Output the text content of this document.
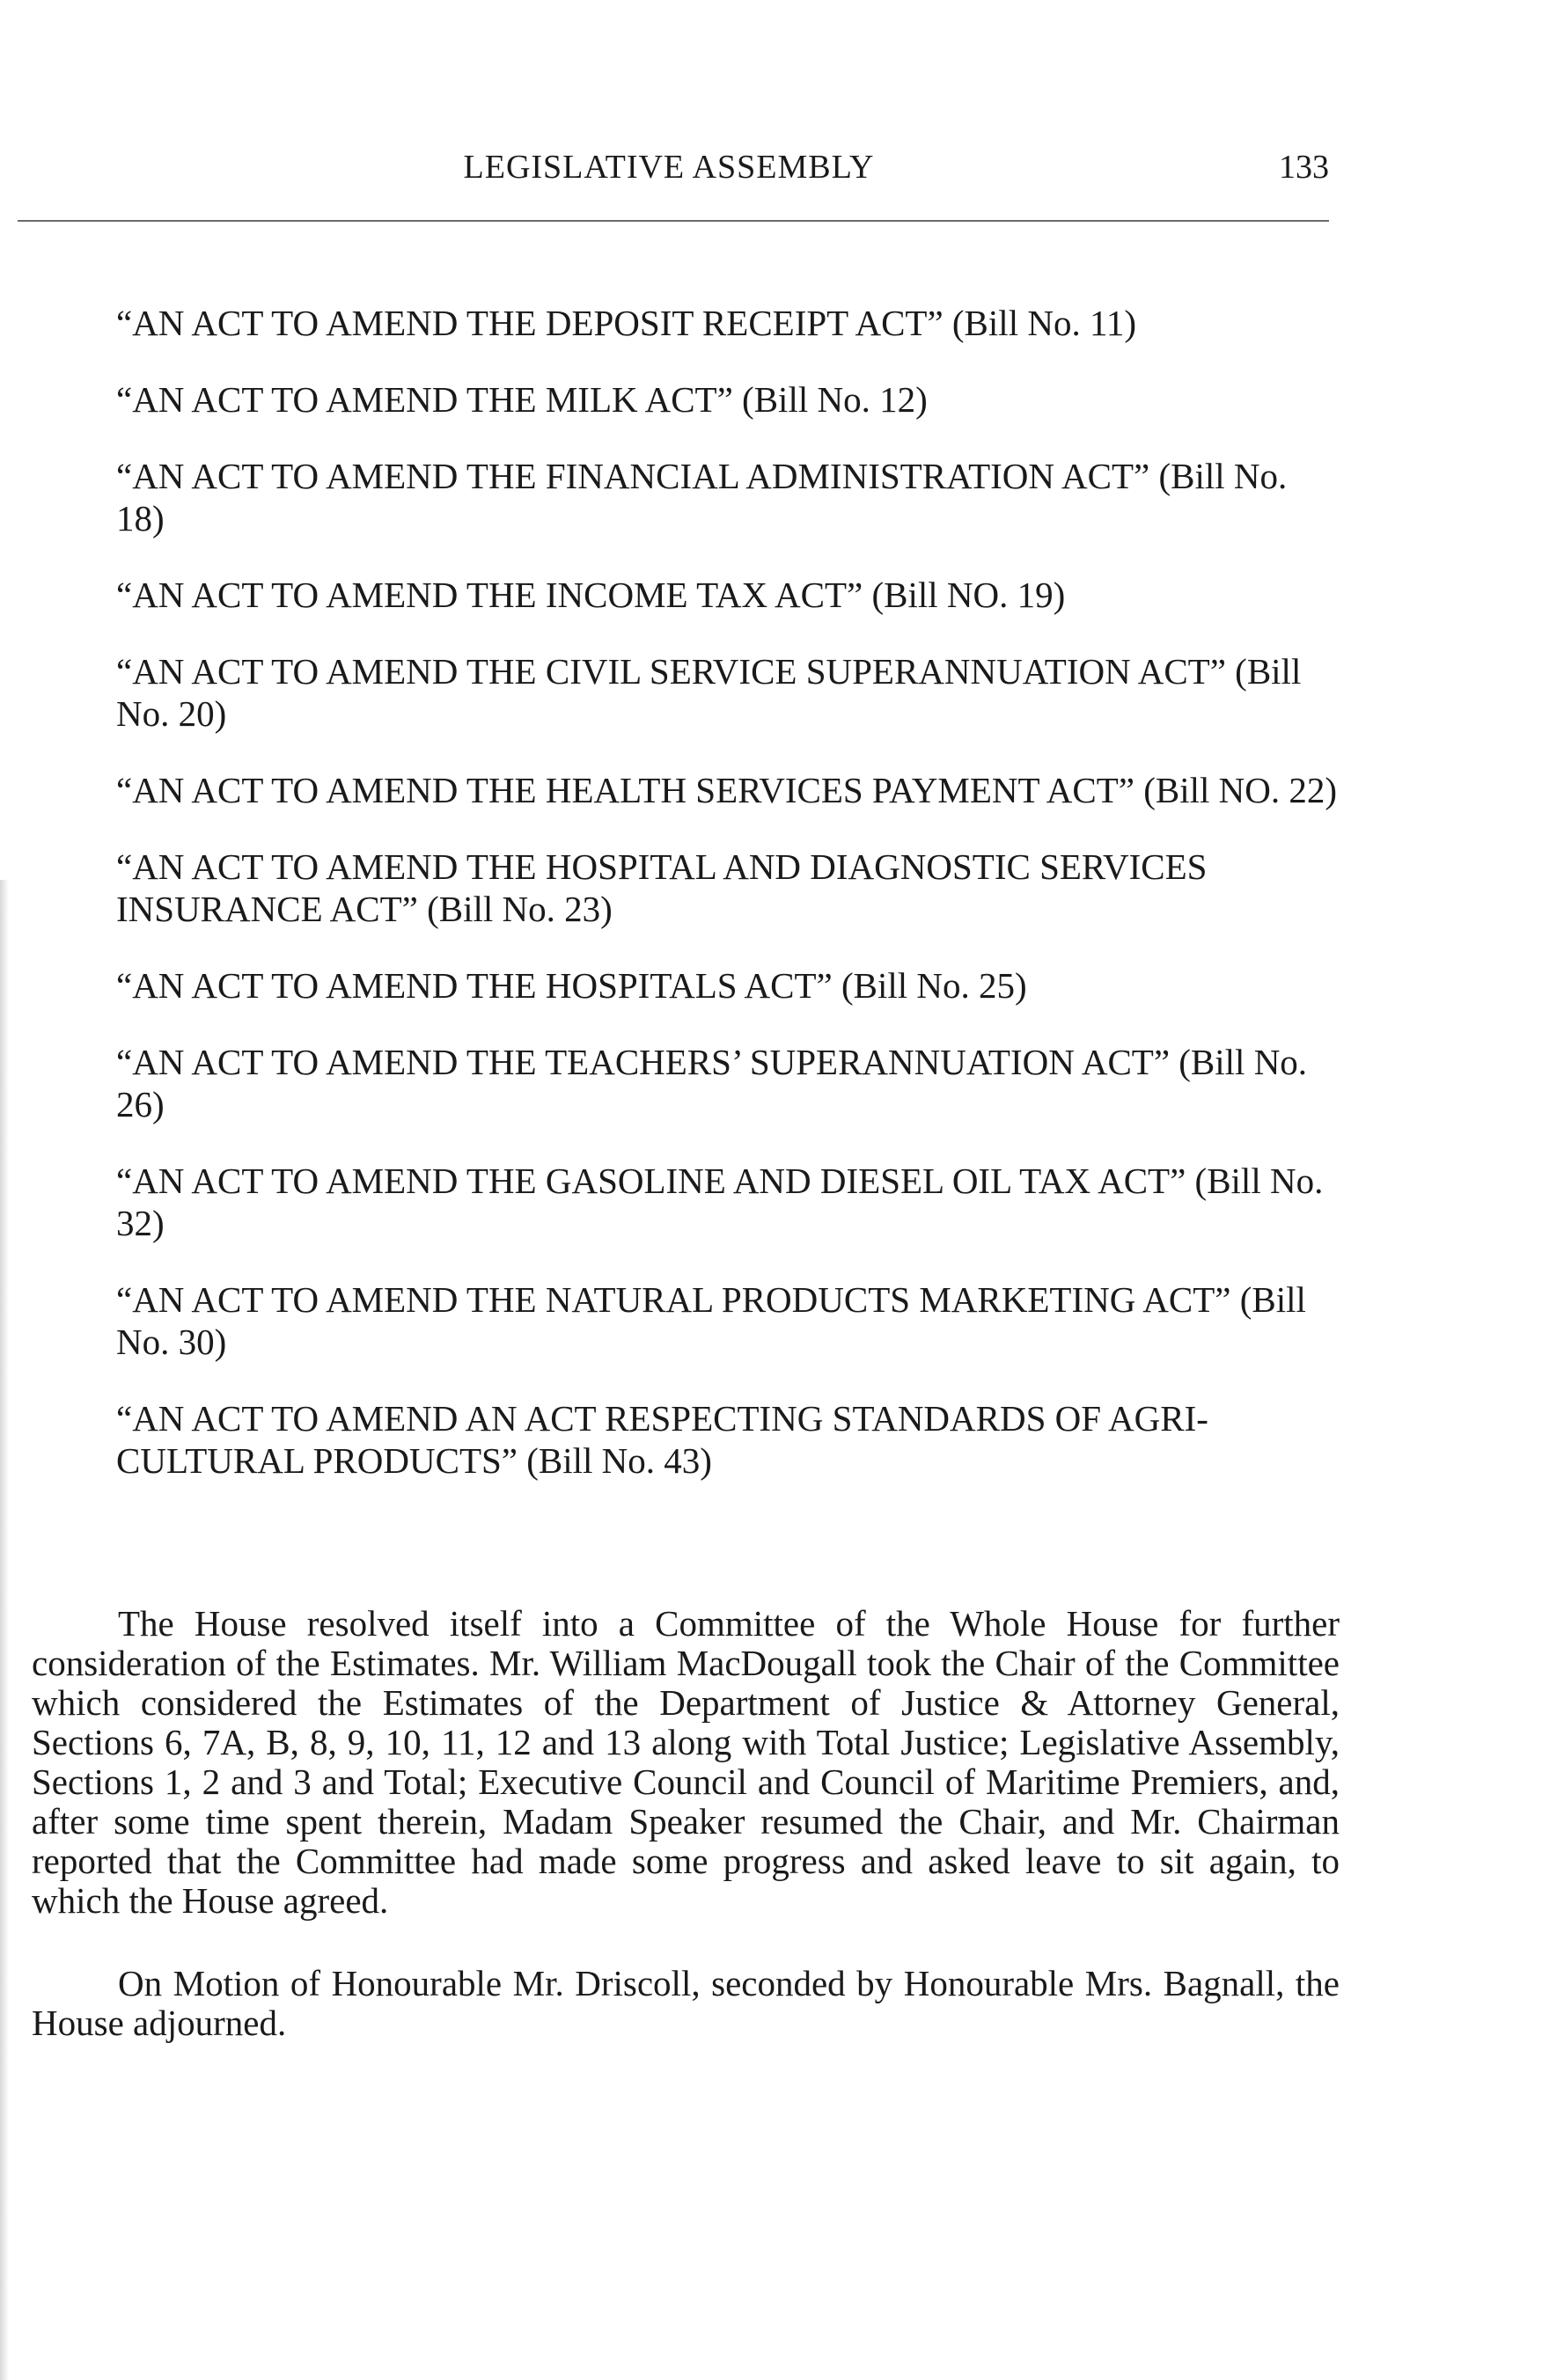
LEGISLATIVE ASSEMBLY	133
“AN ACT TO AMEND THE DEPOSIT RECEIPT ACT” (Bill No. 11)
“AN ACT TO AMEND THE MILK ACT” (Bill No. 12)
“AN ACT TO AMEND THE FINANCIAL ADMINISTRATION ACT” (Bill No. 18)
“AN ACT TO AMEND THE INCOME TAX ACT” (Bill NO. 19)
“AN ACT TO AMEND THE CIVIL SERVICE SUPERANNUATION ACT” (Bill No. 20)
“AN ACT TO AMEND THE HEALTH SERVICES PAYMENT ACT” (Bill NO. 22)
“AN ACT TO AMEND THE HOSPITAL AND DIAGNOSTIC SERVICES INSURANCE ACT” (Bill No. 23)
“AN ACT TO AMEND THE HOSPITALS ACT” (Bill No. 25)
“AN ACT TO AMEND THE TEACHERS’ SUPERANNUATION ACT” (Bill No. 26)
“AN ACT TO AMEND THE GASOLINE AND DIESEL OIL TAX ACT” (Bill No. 32)
“AN ACT TO AMEND THE NATURAL PRODUCTS MARKETING ACT” (Bill No. 30)
“AN ACT TO AMEND AN ACT RESPECTING STANDARDS OF AGRI-CULTURAL PRODUCTS” (Bill No. 43)

The House resolved itself into a Committee of the Whole House for further consideration of the Estimates. Mr. William MacDougall took the Chair of the Committee which considered the Estimates of the Department of Justice & Attorney General, Sections 6, 7A, B, 8, 9, 10, 11, 12 and 13 along with Total Justice; Legislative Assembly, Sections 1, 2 and 3 and Total; Executive Council and Council of Maritime Premiers, and, after some time spent therein, Madam Speaker resumed the Chair, and Mr. Chairman reported that the Committee had made some progress and asked leave to sit again, to which the House agreed.

On Motion of Honourable Mr. Driscoll, seconded by Honourable Mrs. Bagnall, the House adjourned.
